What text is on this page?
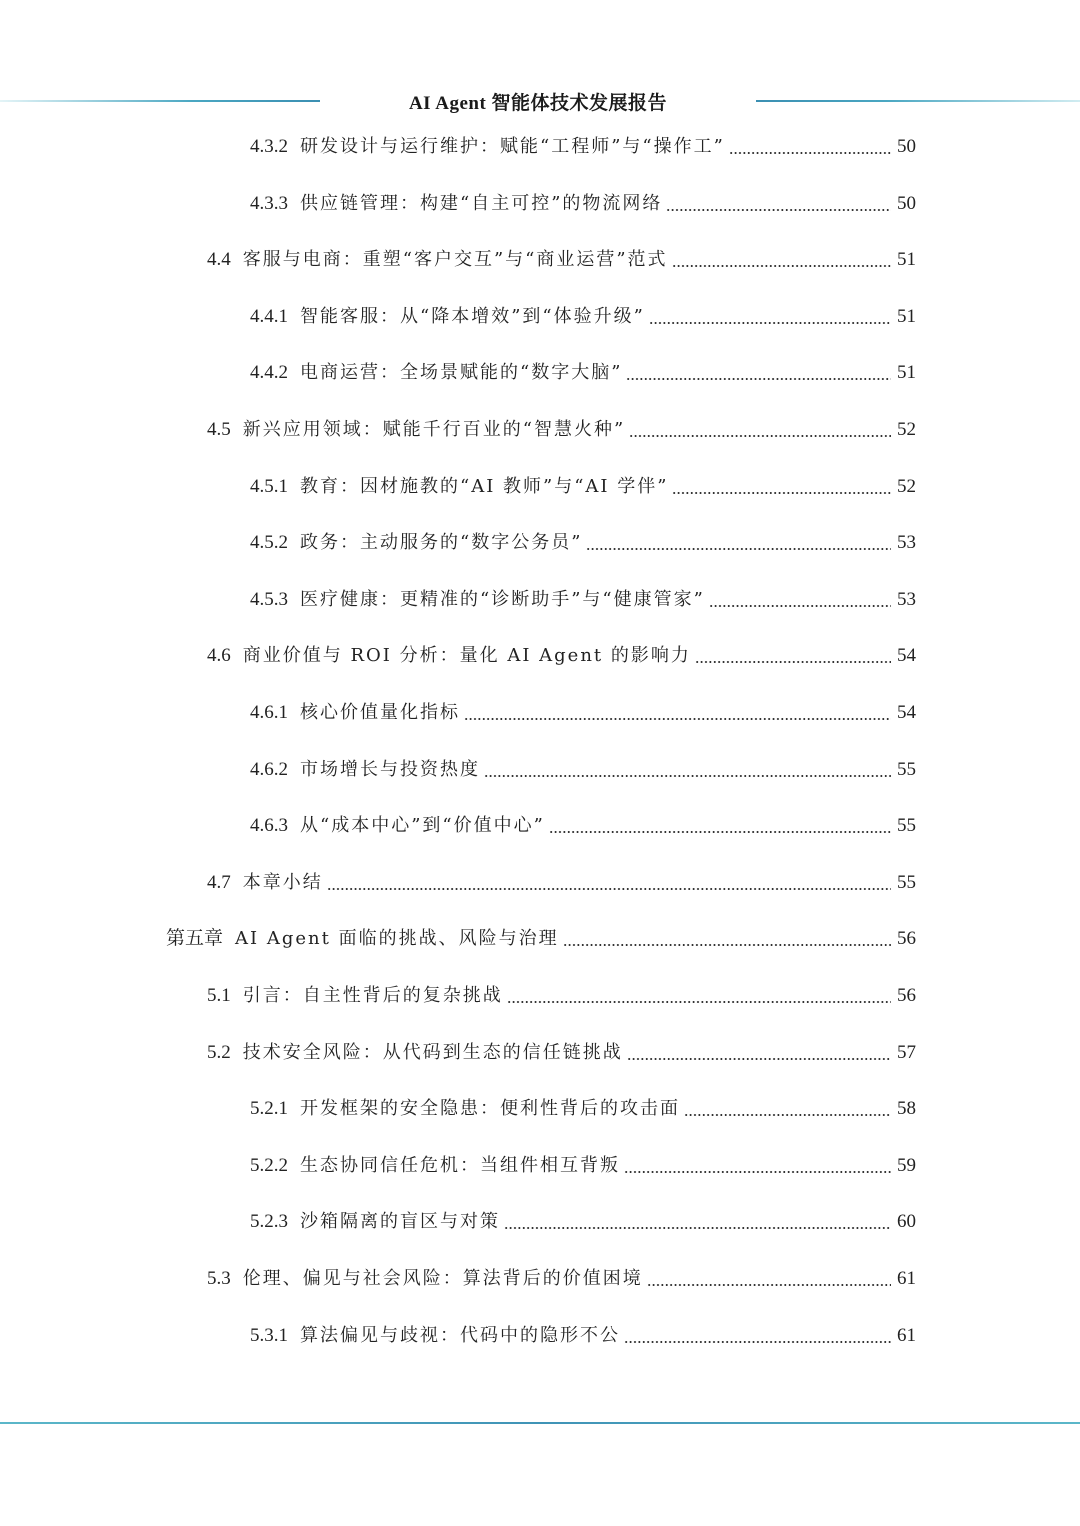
AI Agent 智能体技术发展报告
4.3.2 研发设计与运行维护：赋能“工程师”与“操作工”	50
4.3.3 供应链管理：构建“自主可控”的物流网络	50
4.4 客服与电商：重塑“客户交互”与“商业运营”范式	51
4.4.1 智能客服：从“降本增效”到“体验升级”	51
4.4.2 电商运营：全场景赋能的“数字大脑”	51
4.5 新兴应用领域：赋能千行百业的“智慧火种”	52
4.5.1 教育：因材施教的“AI 教师”与“AI 学伴”	52
4.5.2 政务：主动服务的“数字公务员”	53
4.5.3 医疗健康：更精准的“诊断助手”与“健康管家”	53
4.6 商业价值与 ROI 分析：量化 AI Agent 的影响力	54
4.6.1 核心价值量化指标	54
4.6.2 市场增长与投资热度	55
4.6.3 从“成本中心”到“价值中心”	55
4.7 本章小结	55
第五章 AI Agent 面临的挑战、风险与治理	56
5.1 引言：自主性背后的复杂挑战	56
5.2 技术安全风险：从代码到生态的信任链挑战	57
5.2.1 开发框架的安全隐患：便利性背后的攻击面	58
5.2.2 生态协同信任危机：当组件相互背叛	59
5.2.3 沙箱隔离的盲区与对策	60
5.3 伦理、偏见与社会风险：算法背后的价值困境	61
5.3.1 算法偏见与歧视：代码中的隐形不公	61
